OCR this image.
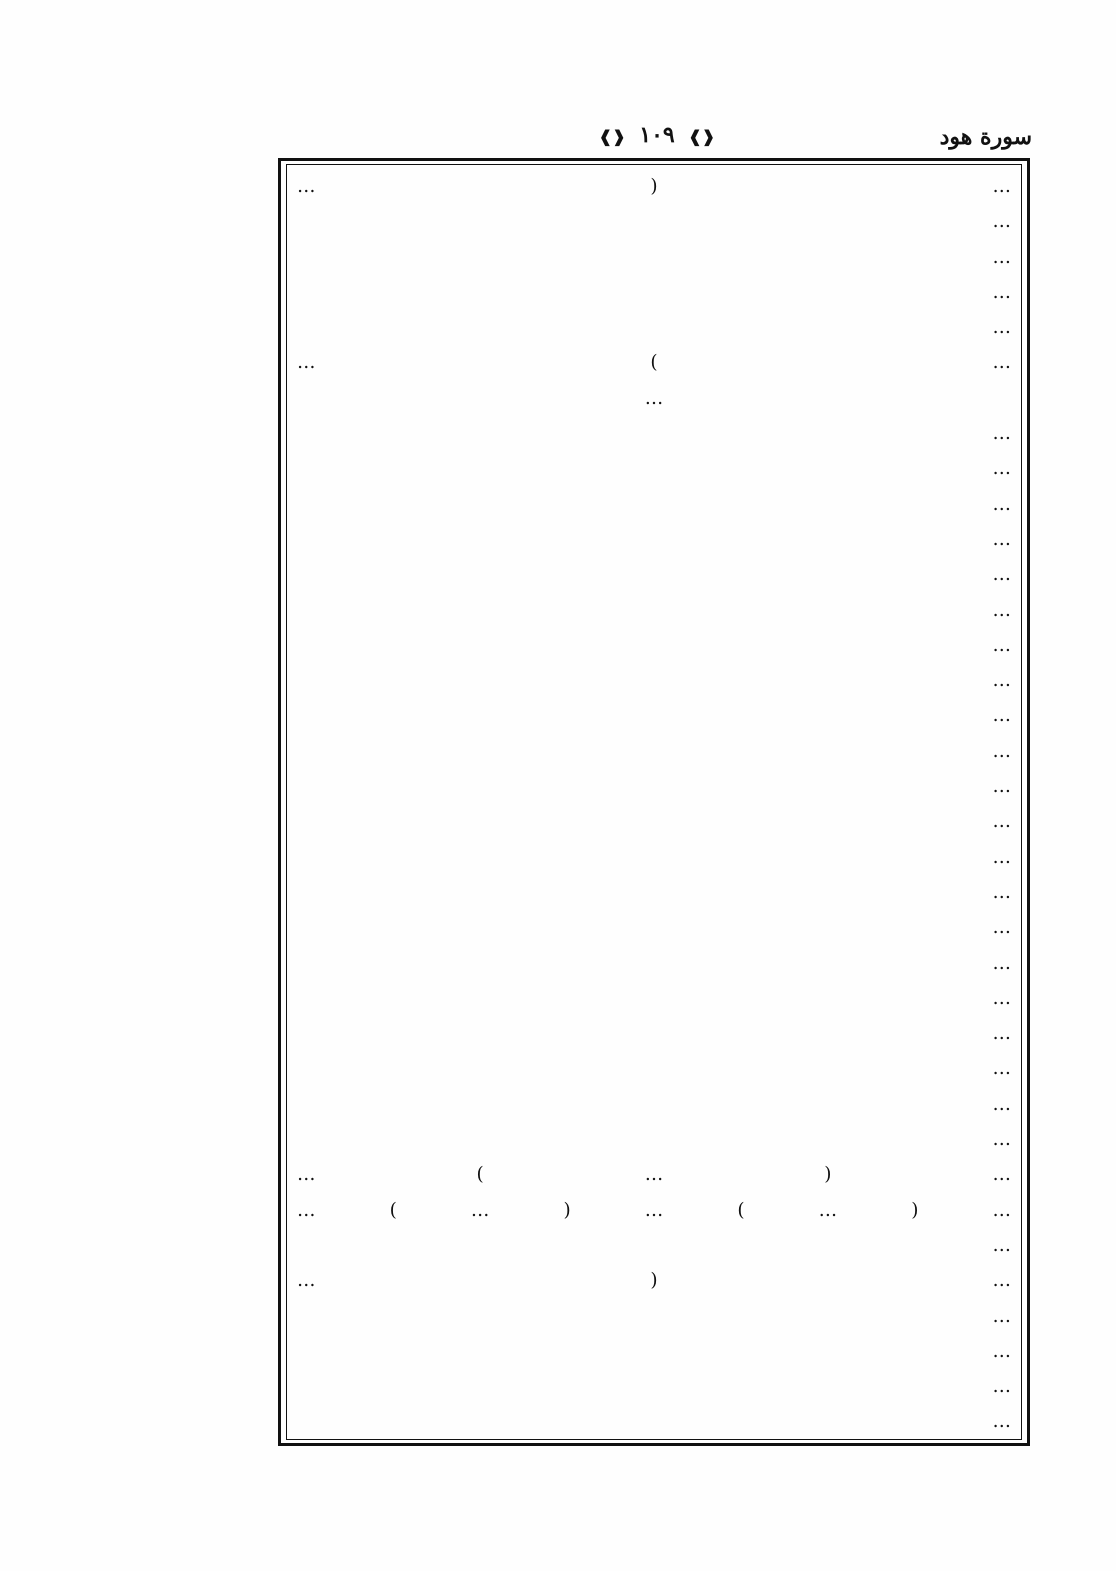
سورة هود
❰❱ ١٠٩ ❰❱
… ( …
…
…
…
…
… ) …
…
…
…
…
…
…
…
…
…
…
…
…
…
…
…
…
…
…
…
…
…
…
… ( … ) …
… ( … ) … ( … ) …
…
… ( …
…
…
…
…
